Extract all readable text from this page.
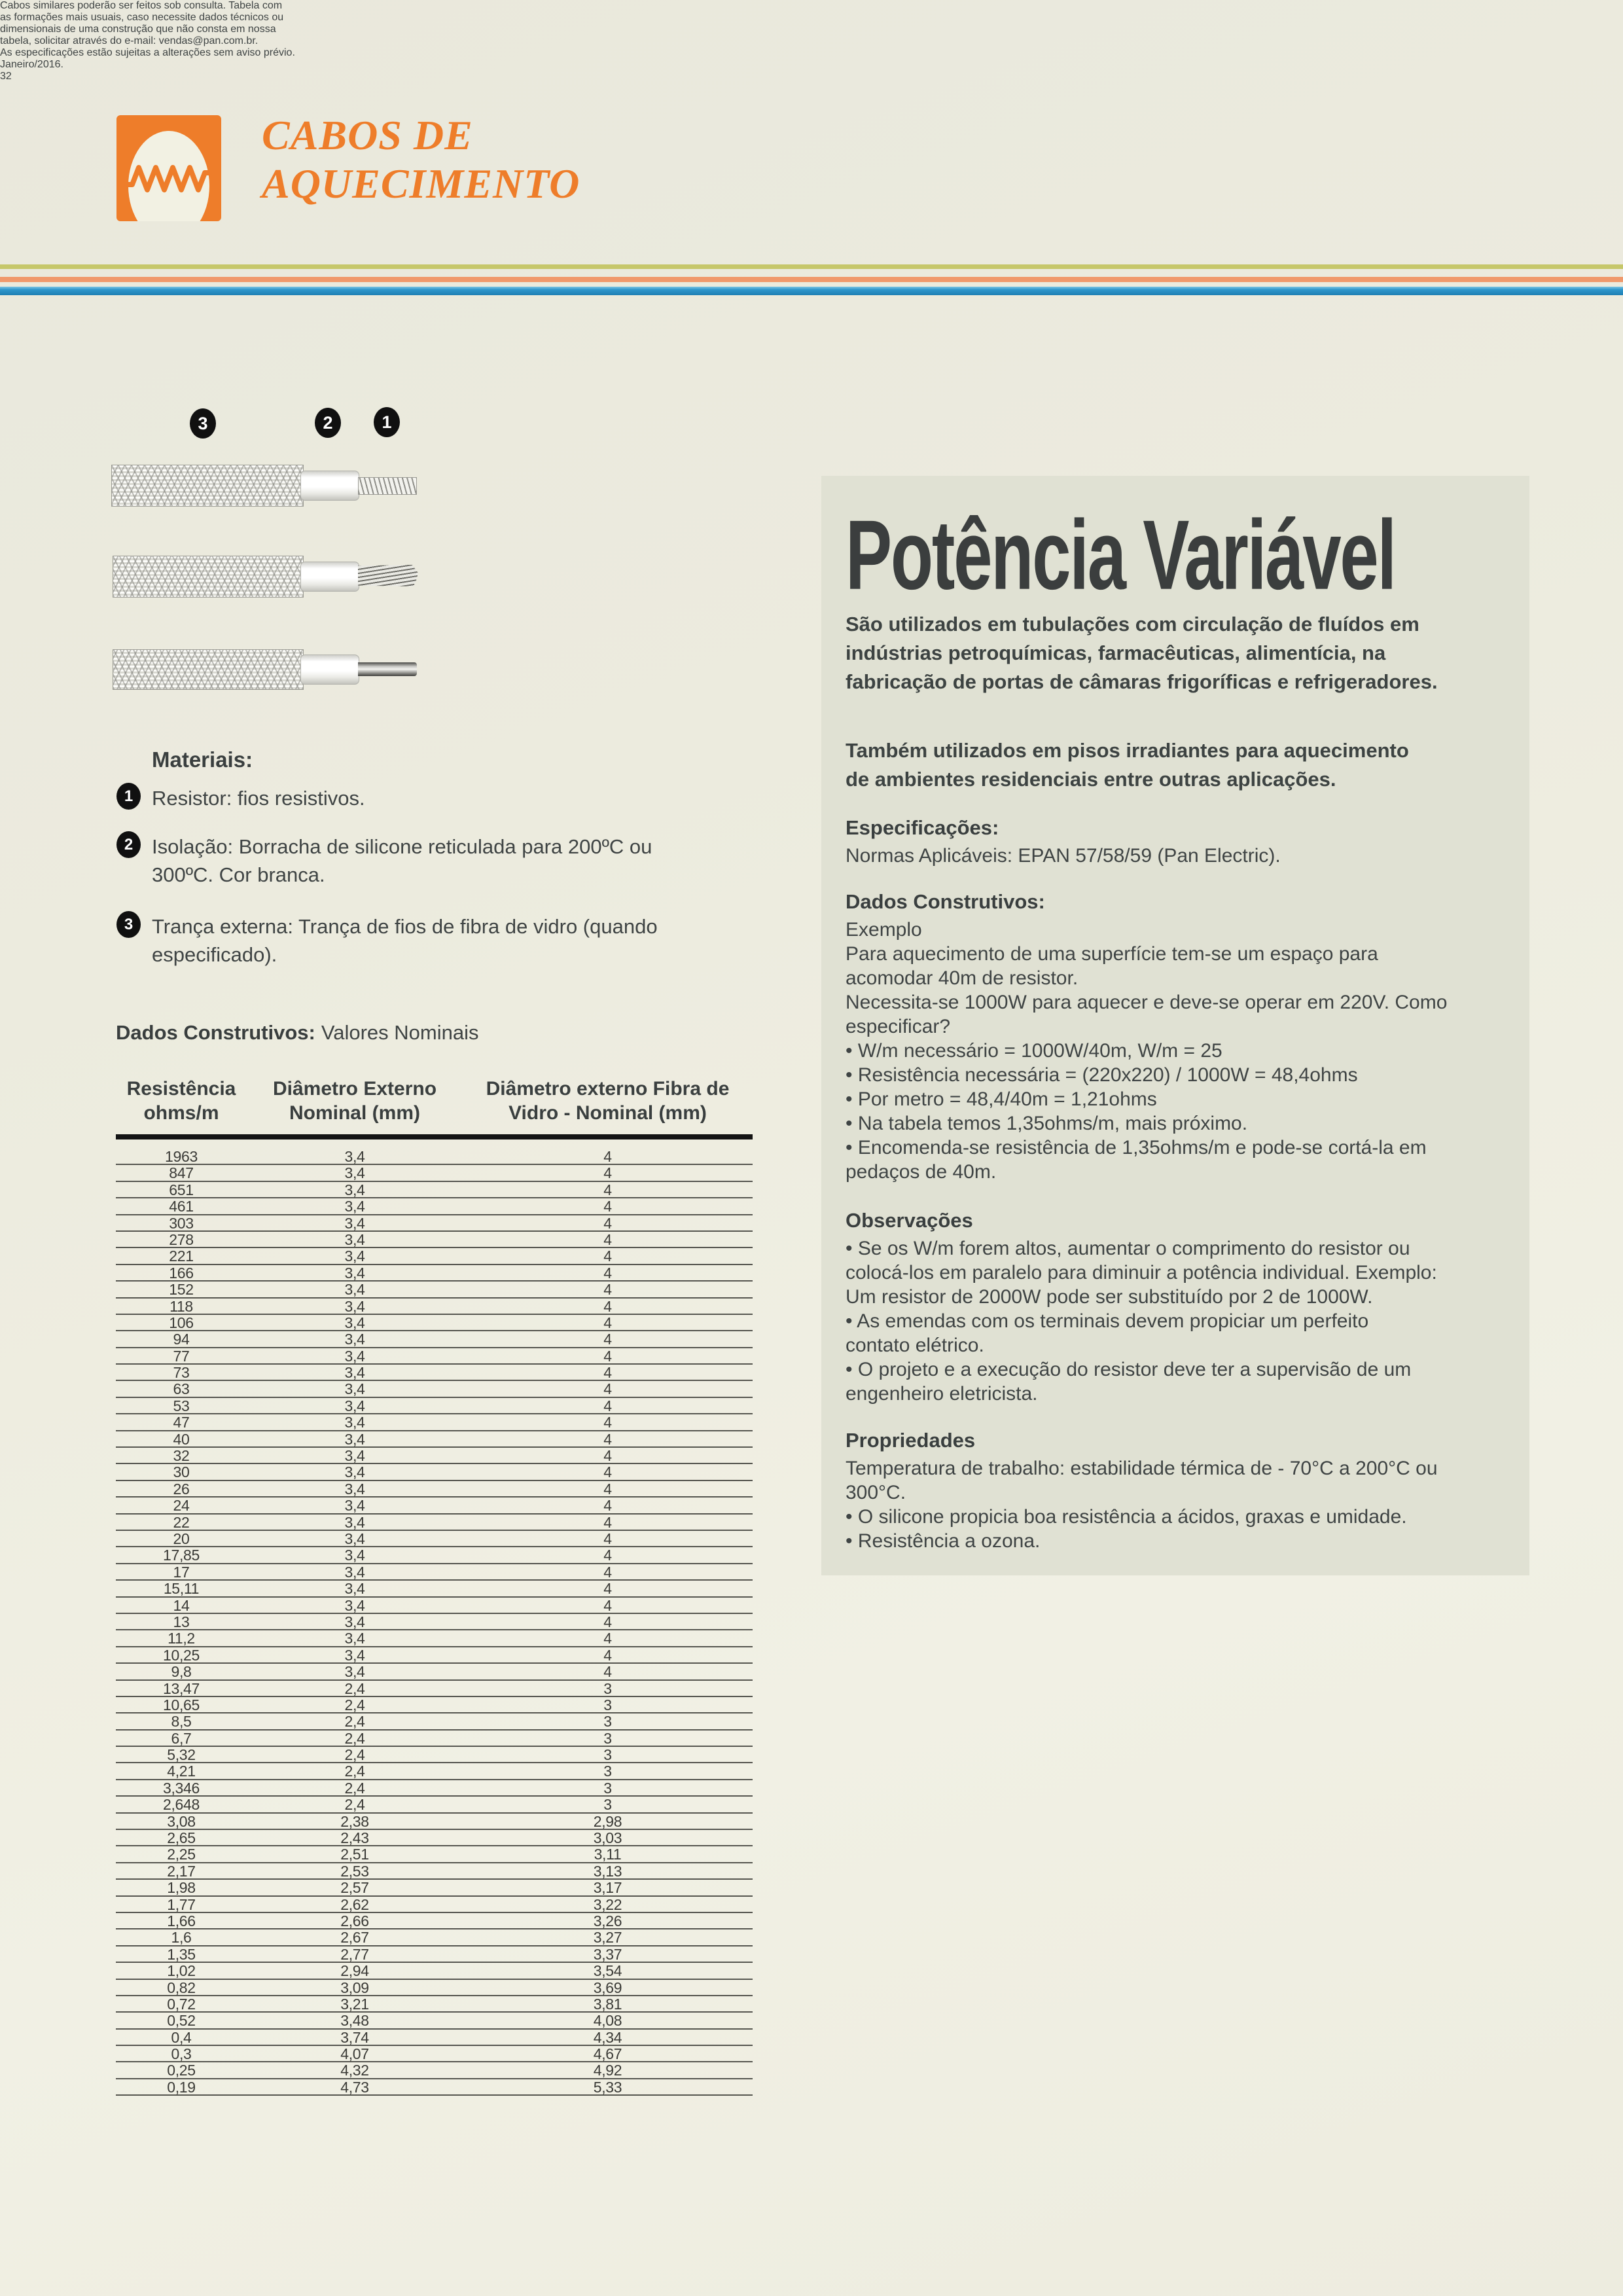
CABOS DE
AQUECIMENTO
3	2	1
Materiais:
1 Resistor: fios resistivos.
2 Isolação: Borracha de silicone reticulada para 200ºC ou
300ºC. Cor branca.
3 Trança externa: Trança de fios de fibra de vidro (quando
especificado).
Dados Construtivos: Valores Nominais
Resistência
ohms/m
Diâmetro Externo
Nominal (mm)
Diâmetro externo Fibra de
Vidro - Nominal (mm)
1963	3,4	4
847	3,4	4
651	3,4	4
461	3,4	4
303	3,4	4
278	3,4	4
221	3,4	4
166	3,4	4
152	3,4	4
118	3,4	4
106	3,4	4
94	3,4	4
77	3,4	4
73	3,4	4
63	3,4	4
53	3,4	4
47	3,4	4
40	3,4	4
32	3,4	4
30	3,4	4
26	3,4	4
24	3,4	4
22	3,4	4
20	3,4	4
17,85	3,4	4
17	3,4	4
15,11	3,4	4
14	3,4	4
13	3,4	4
11,2	3,4	4
10,25	3,4	4
9,8	3,4	4
13,47	2,4	3
10,65	2,4	3
8,5	2,4	3
6,7	2,4	3
5,32	2,4	3
4,21	2,4	3
3,346	2,4	3
2,648	2,4	3
3,08	2,38	2,98
2,65	2,43	3,03
2,25	2,51	3,11
2,17	2,53	3,13
1,98	2,57	3,17
1,77	2,62	3,22
1,66	2,66	3,26
1,6	2,67	3,27
1,35	2,77	3,37
1,02	2,94	3,54
0,82	3,09	3,69
0,72	3,21	3,81
0,52	3,48	4,08
0,4	3,74	4,34
0,3	4,07	4,67
0,25	4,32	4,92
0,19	4,73	5,33
Potência Variável
São utilizados em tubulações com circulação de fluídos em
indústrias petroquímicas, farmacêuticas, alimentícia, na
fabricação de portas de câmaras frigoríficas e refrigeradores.
Também utilizados em pisos irradiantes para aquecimento
de ambientes residenciais entre outras aplicações.
Especificações:
Normas Aplicáveis: EPAN 57/58/59 (Pan Electric).
Dados Construtivos:
Exemplo
Para aquecimento de uma superfície tem-se um espaço para
acomodar 40m de resistor.
Necessita-se 1000W para aquecer e deve-se operar em 220V. Como
especificar?
• W/m necessário = 1000W/40m, W/m = 25
• Resistência necessária = (220x220) / 1000W = 48,4ohms
• Por metro = 48,4/40m = 1,21ohms
• Na tabela temos 1,35ohms/m, mais próximo.
• Encomenda-se resistência de 1,35ohms/m e pode-se cortá-la em
pedaços de 40m.
Observações
• Se os W/m forem altos, aumentar o comprimento do resistor ou
colocá-los em paralelo para diminuir a potência individual. Exemplo:
Um resistor de 2000W pode ser substituído por 2 de 1000W.
• As emendas com os terminais devem propiciar um perfeito
contato elétrico.
• O projeto e a execução do resistor deve ter a supervisão de um
engenheiro eletricista.
Propriedades
Temperatura de trabalho: estabilidade térmica de - 70°C a 200°C ou
300°C.
• O silicone propicia boa resistência a ácidos, graxas e umidade.
• Resistência a ozona.
Cabos similares poderão ser feitos sob consulta. Tabela com
as formações mais usuais, caso necessite dados técnicos ou
dimensionais de uma construção que não consta em nossa
tabela, solicitar através do e-mail: vendas@pan.com.br.
As especificações estão sujeitas a alterações sem aviso prévio.
Janeiro/2016.
32
